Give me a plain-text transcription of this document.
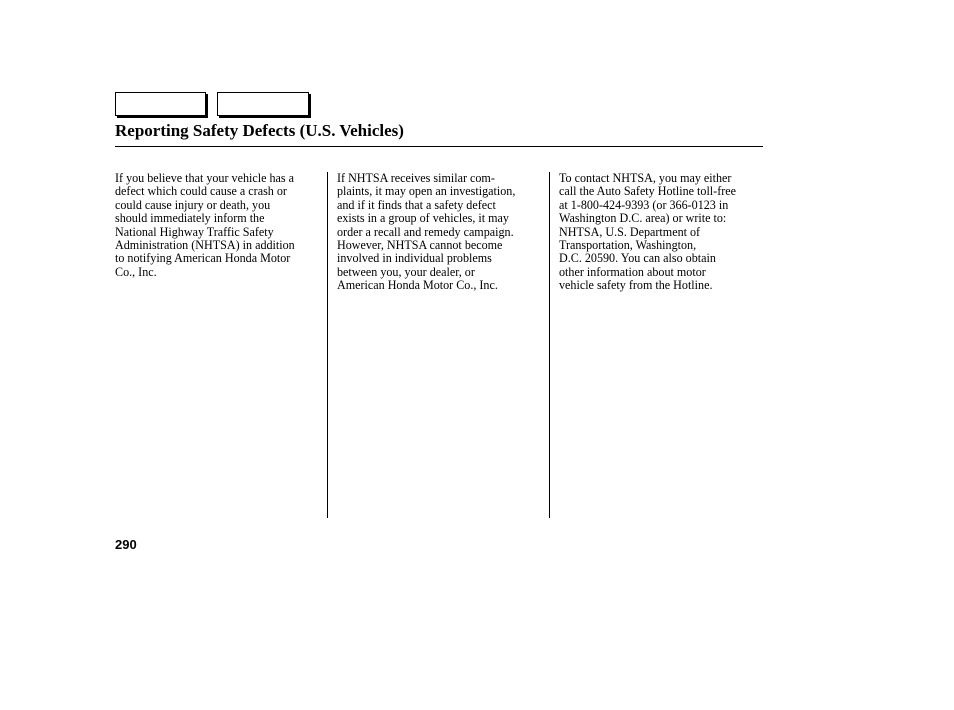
Reporting Safety Defects (U.S. Vehicles)
If you believe that your vehicle has a
defect which could cause a crash or
could cause injury or death, you
should immediately inform the
National Highway Traffic Safety
Administration (NHTSA) in addition
to notifying American Honda Motor
Co., Inc.
If NHTSA receives similar com-
plaints, it may open an investigation,
and if it finds that a safety defect
exists in a group of vehicles, it may
order a recall and remedy campaign.
However, NHTSA cannot become
involved in individual problems
between you, your dealer, or
American Honda Motor Co., Inc.
To contact NHTSA, you may either
call the Auto Safety Hotline toll-free
at 1-800-424-9393 (or 366-0123 in
Washington D.C. area) or write to:
NHTSA, U.S. Department of
Transportation, Washington,
D.C. 20590. You can also obtain
other information about motor
vehicle safety from the Hotline.
290
